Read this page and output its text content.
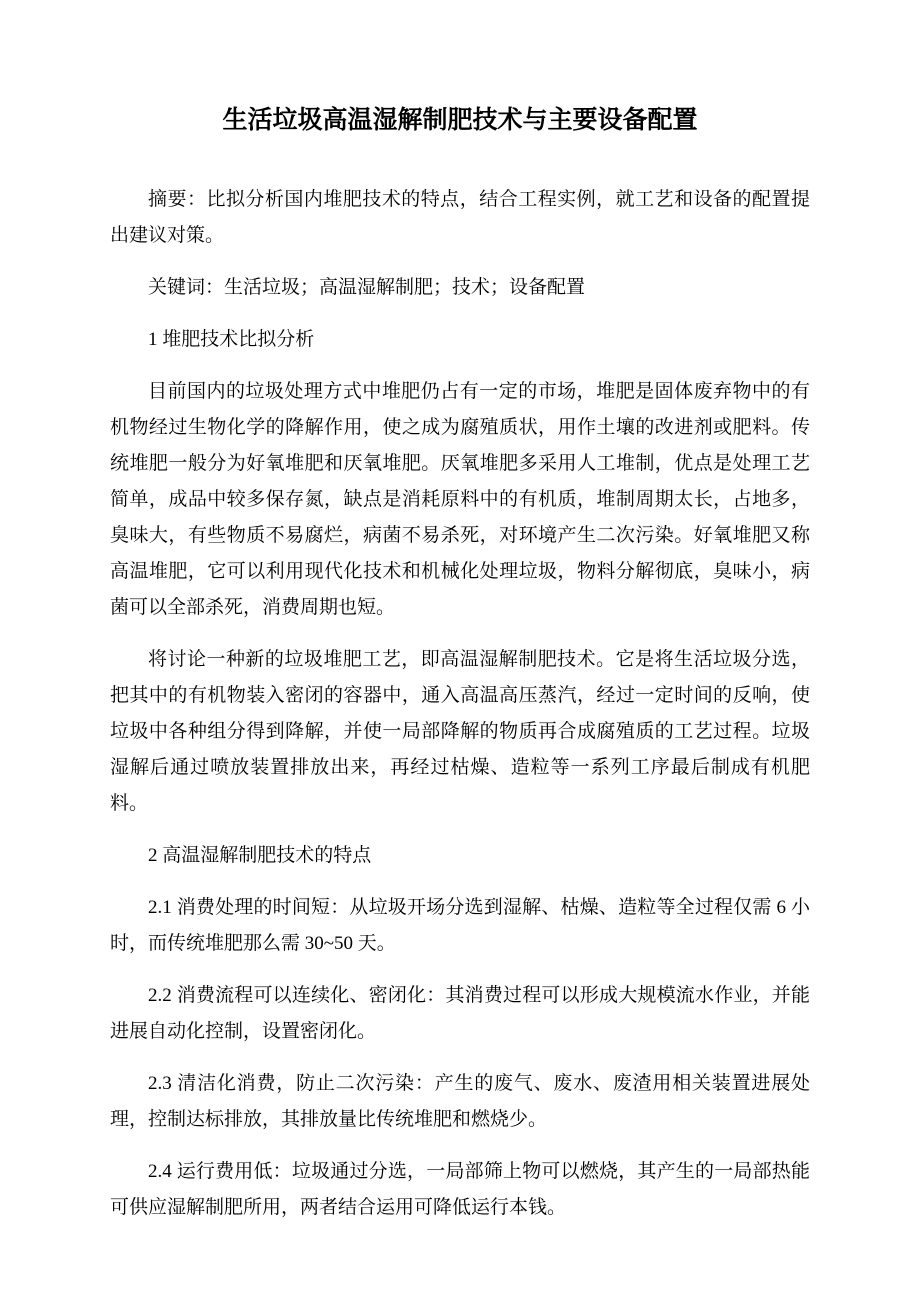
生活垃圾高温湿解制肥技术与主要设备配置

摘要：比拟分析国内堆肥技术的特点，结合工程实例，就工艺和设备的配置提出建议对策。

关键词：生活垃圾；高温湿解制肥；技术；设备配置

1 堆肥技术比拟分析

目前国内的垃圾处理方式中堆肥仍占有一定的市场，堆肥是固体废弃物中的有机物经过生物化学的降解作用，使之成为腐殖质状，用作土壤的改进剂或肥料。传统堆肥一般分为好氧堆肥和厌氧堆肥。厌氧堆肥多采用人工堆制，优点是处理工艺简单，成品中较多保存氮，缺点是消耗原料中的有机质，堆制周期太长，占地多，臭味大，有些物质不易腐烂，病菌不易杀死，对环境产生二次污染。好氧堆肥又称高温堆肥，它可以利用现代化技术和机械化处理垃圾，物料分解彻底，臭味小，病菌可以全部杀死，消费周期也短。

将讨论一种新的垃圾堆肥工艺，即高温湿解制肥技术。它是将生活垃圾分选，把其中的有机物装入密闭的容器中，通入高温高压蒸汽，经过一定时间的反响，使垃圾中各种组分得到降解，并使一局部降解的物质再合成腐殖质的工艺过程。垃圾湿解后通过喷放装置排放出来，再经过枯燥、造粒等一系列工序最后制成有机肥料。

2 高温湿解制肥技术的特点

2.1 消费处理的时间短：从垃圾开场分选到湿解、枯燥、造粒等全过程仅需 6 小时，而传统堆肥那么需 30~50 天。

2.2 消费流程可以连续化、密闭化：其消费过程可以形成大规模流水作业，并能进展自动化控制，设置密闭化。

2.3 清洁化消费，防止二次污染：产生的废气、废水、废渣用相关装置进展处理，控制达标排放，其排放量比传统堆肥和燃烧少。

2.4 运行费用低：垃圾通过分选，一局部筛上物可以燃烧，其产生的一局部热能可供应湿解制肥所用，两者结合运用可降低运行本钱。
